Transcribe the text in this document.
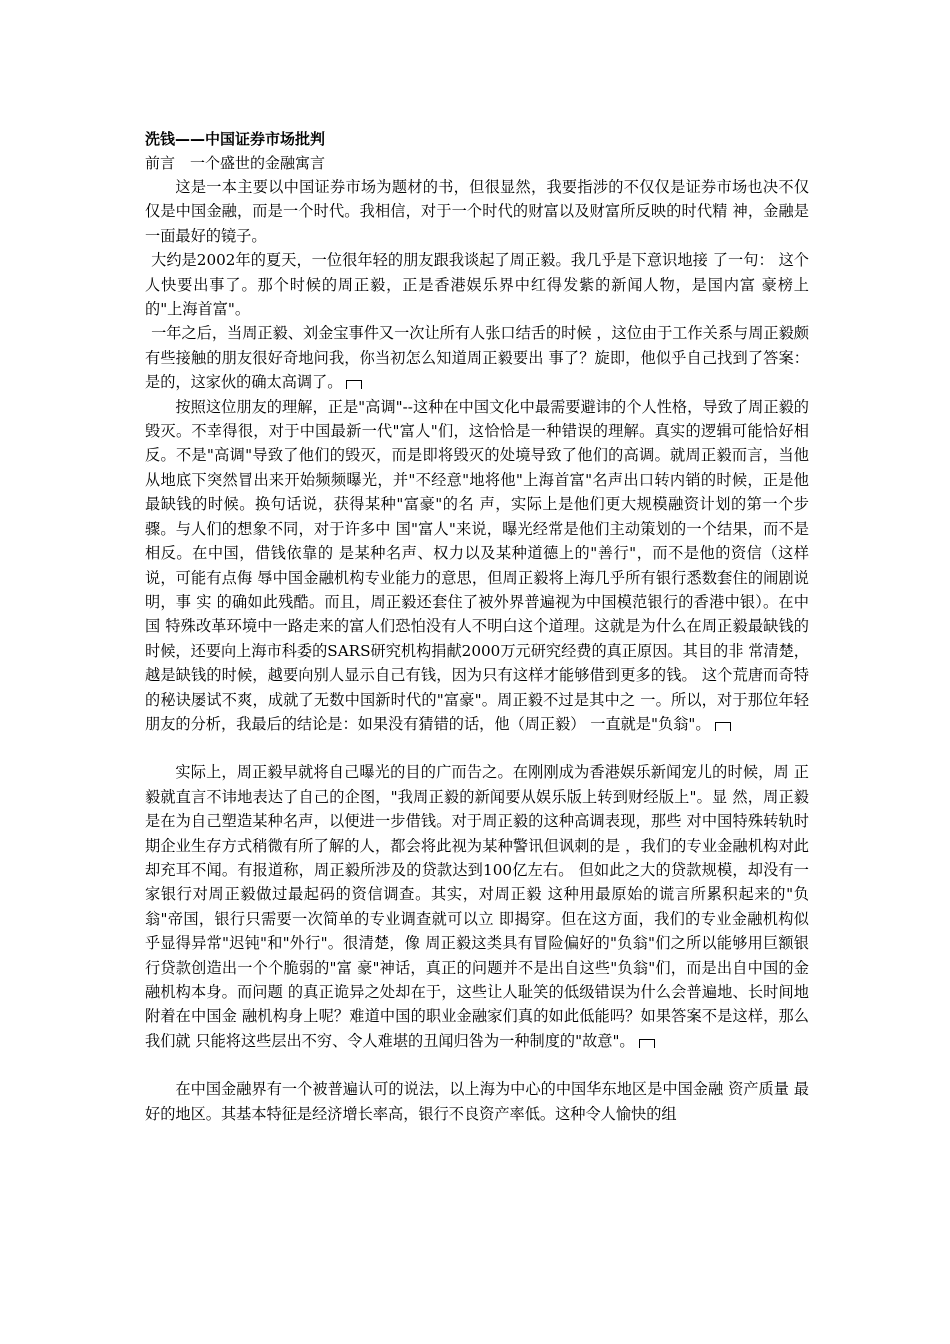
洗钱——中国证券市场批判

前言　一个盛世的金融寓言

这是一本主要以中国证券市场为题材的书，但很显然，我要指涉的不仅仅是证券市场也决不仅仅是中国金融，而是一个时代。我相信，对于一个时代的财富以及财富所反映的时代精 神，金融是一面最好的镜子。

大约是2002年的夏天，一位很年轻的朋友跟我谈起了周正毅。我几乎是下意识地接 了一句： 这个人快要出事了。那个时候的周正毅，正是香港娱乐界中红得发紫的新闻人物，是国内富 豪榜上的"上海首富"。

一年之后，当周正毅、刘金宝事件又一次让所有人张口结舌的时候 ，这位由于工作关系与周正毅颇有些接触的朋友很好奇地问我，你当初怎么知道周正毅要出 事了？旋即，他似乎自己找到了答案：是的，这家伙的确太高调了。

按照这位朋友的理解，正是"高调"--这种在中国文化中最需要避讳的个人性格，导致了周正毅的毁灭。不幸得很，对于中国最新一代"富人"们，这恰恰是一种错误的理解。真实的逻辑可能恰好相反。不是"高调"导致了他们的毁灭，而是即将毁灭的处境导致了他们的高调。就周正毅而言，当他从地底下突然冒出来开始频频曝光，并"不经意"地将他"上海首富"名声出口转内销的时候，正是他最缺钱的时候。换句话说，获得某种"富豪"的名 声，实际上是他们更大规模融资计划的第一个步骤。与人们的想象不同，对于许多中 国"富人"来说，曝光经常是他们主动策划的一个结果，而不是相反。在中国，借钱依靠的 是某种名声、权力以及某种道德上的"善行"，而不是他的资信（这样说，可能有点侮 辱中国金融机构专业能力的意思，但周正毅将上海几乎所有银行悉数套住的闹剧说明，事 实 的确如此残酷。而且，周正毅还套住了被外界普遍视为中国模范银行的香港中银）。在中国 特殊改革环境中一路走来的富人们恐怕没有人不明白这个道理。这就是为什么在周正毅最缺钱的时候，还要向上海市科委的SARS研究机构捐献2000万元研究经费的真正原因。其目的非 常清楚，越是缺钱的时候，越要向别人显示自己有钱，因为只有这样才能够借到更多的钱。 这个荒唐而奇特的秘诀屡试不爽，成就了无数中国新时代的"富豪"。周正毅不过是其中之 一。所以，对于那位年轻朋友的分析，我最后的结论是：如果没有猜错的话，他（周正毅） 一直就是"负翁"。

实际上，周正毅早就将自己曝光的目的广而告之。在刚刚成为香港娱乐新闻宠儿的时候，周 正毅就直言不讳地表达了自己的企图，"我周正毅的新闻要从娱乐版上转到财经版上"。显 然，周正毅是在为自己塑造某种名声，以便进一步借钱。对于周正毅的这种高调表现，那些 对中国特殊转轨时期企业生存方式稍微有所了解的人，都会将此视为某种警讯但讽刺的是 ，我们的专业金融机构对此却充耳不闻。有报道称，周正毅所涉及的贷款达到100亿左右。 但如此之大的贷款规模，却没有一家银行对周正毅做过最起码的资信调查。其实，对周正毅 这种用最原始的谎言所累积起来的"负翁"帝国，银行只需要一次简单的专业调查就可以立 即揭穿。但在这方面，我们的专业金融机构似乎显得异常"迟钝"和"外行"。很清楚，像 周正毅这类具有冒险偏好的"负翁"们之所以能够用巨额银行贷款创造出一个个脆弱的"富 豪"神话，真正的问题并不是出自这些"负翁"们，而是出自中国的金融机构本身。而问题 的真正诡异之处却在于，这些让人耻笑的低级错误为什么会普遍地、长时间地附着在中国金 融机构身上呢？难道中国的职业金融家们真的如此低能吗？如果答案不是这样，那么我们就 只能将这些层出不穷、令人难堪的丑闻归咎为一种制度的"故意"。

在中国金融界有一个被普遍认可的说法，以上海为中心的中国华东地区是中国金融 资产质量 最好的地区。其基本特征是经济增长率高，银行不良资产率低。这种令人愉快的组
